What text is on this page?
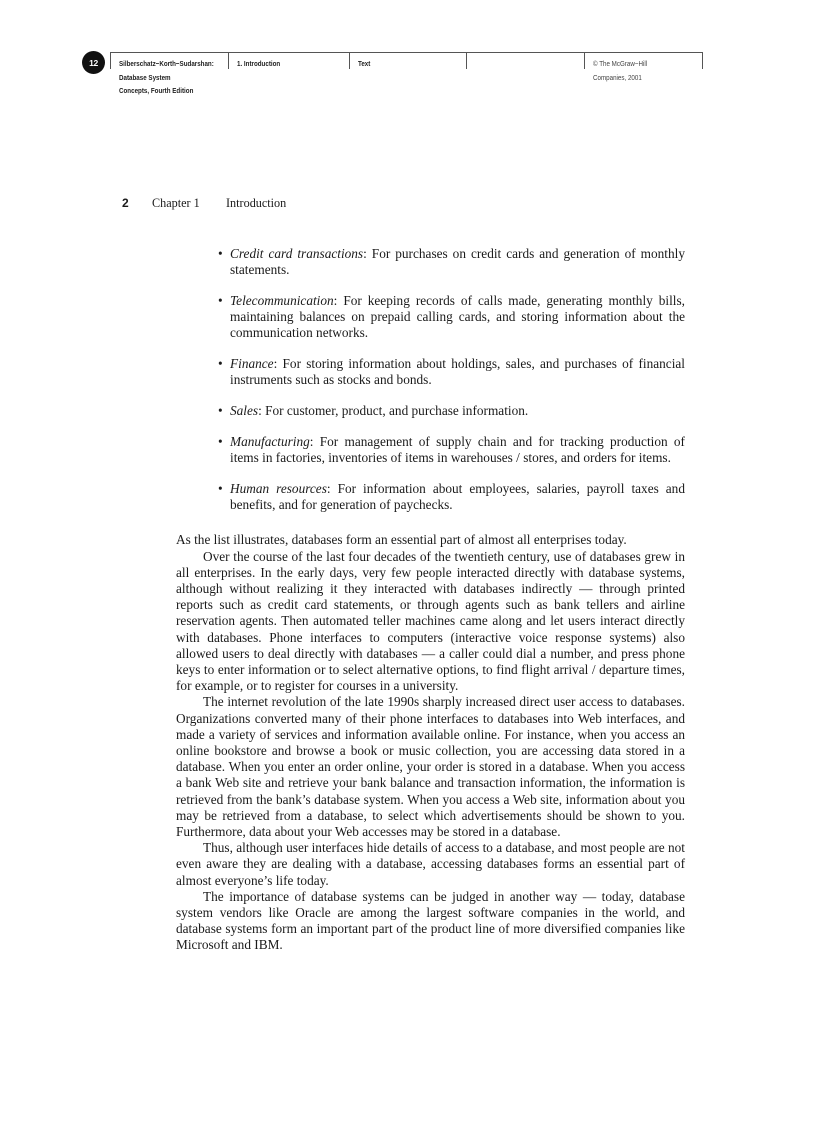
12	Silberschatz−Korth−Sudarshan:
Database System
Concepts, Fourth Edition
1. Introduction	Text	© The McGraw−Hill
Companies, 2001
2 Chapter 1 Introduction
• Credit card transactions: For purchases on credit cards and generation of monthly statements.
• Telecommunication: For keeping records of calls made, generating monthly bills, maintaining balances on prepaid calling cards, and storing information about the communication networks.
• Finance: For storing information about holdings, sales, and purchases of financial instruments such as stocks and bonds.
• Sales: For customer, product, and purchase information.
• Manufacturing: For management of supply chain and for tracking production of items in factories, inventories of items in warehouses / stores, and orders for items.
• Human resources: For information about employees, salaries, payroll taxes and benefits, and for generation of paychecks.

As the list illustrates, databases form an essential part of almost all enterprises today.

Over the course of the last four decades of the twentieth century, use of databases grew in all enterprises. In the early days, very few people interacted directly with database systems, although without realizing it they interacted with databases indirectly — through printed reports such as credit card statements, or through agents such as bank tellers and airline reservation agents. Then automated teller machines came along and let users interact directly with databases. Phone interfaces to computers (interactive voice response systems) also allowed users to deal directly with databases — a caller could dial a number, and press phone keys to enter information or to select alternative options, to find flight arrival / departure times, for example, or to register for courses in a university.

The internet revolution of the late 1990s sharply increased direct user access to databases. Organizations converted many of their phone interfaces to databases into Web interfaces, and made a variety of services and information available online. For instance, when you access an online bookstore and browse a book or music collection, you are accessing data stored in a database. When you enter an order online, your order is stored in a database. When you access a bank Web site and retrieve your bank balance and transaction information, the information is retrieved from the bank’s database system. When you access a Web site, information about you may be retrieved from a database, to select which advertisements should be shown to you. Furthermore, data about your Web accesses may be stored in a database.

Thus, although user interfaces hide details of access to a database, and most people are not even aware they are dealing with a database, accessing databases forms an essential part of almost everyone’s life today.

The importance of database systems can be judged in another way — today, database system vendors like Oracle are among the largest software companies in the world, and database systems form an important part of the product line of more diversified companies like Microsoft and IBM.
